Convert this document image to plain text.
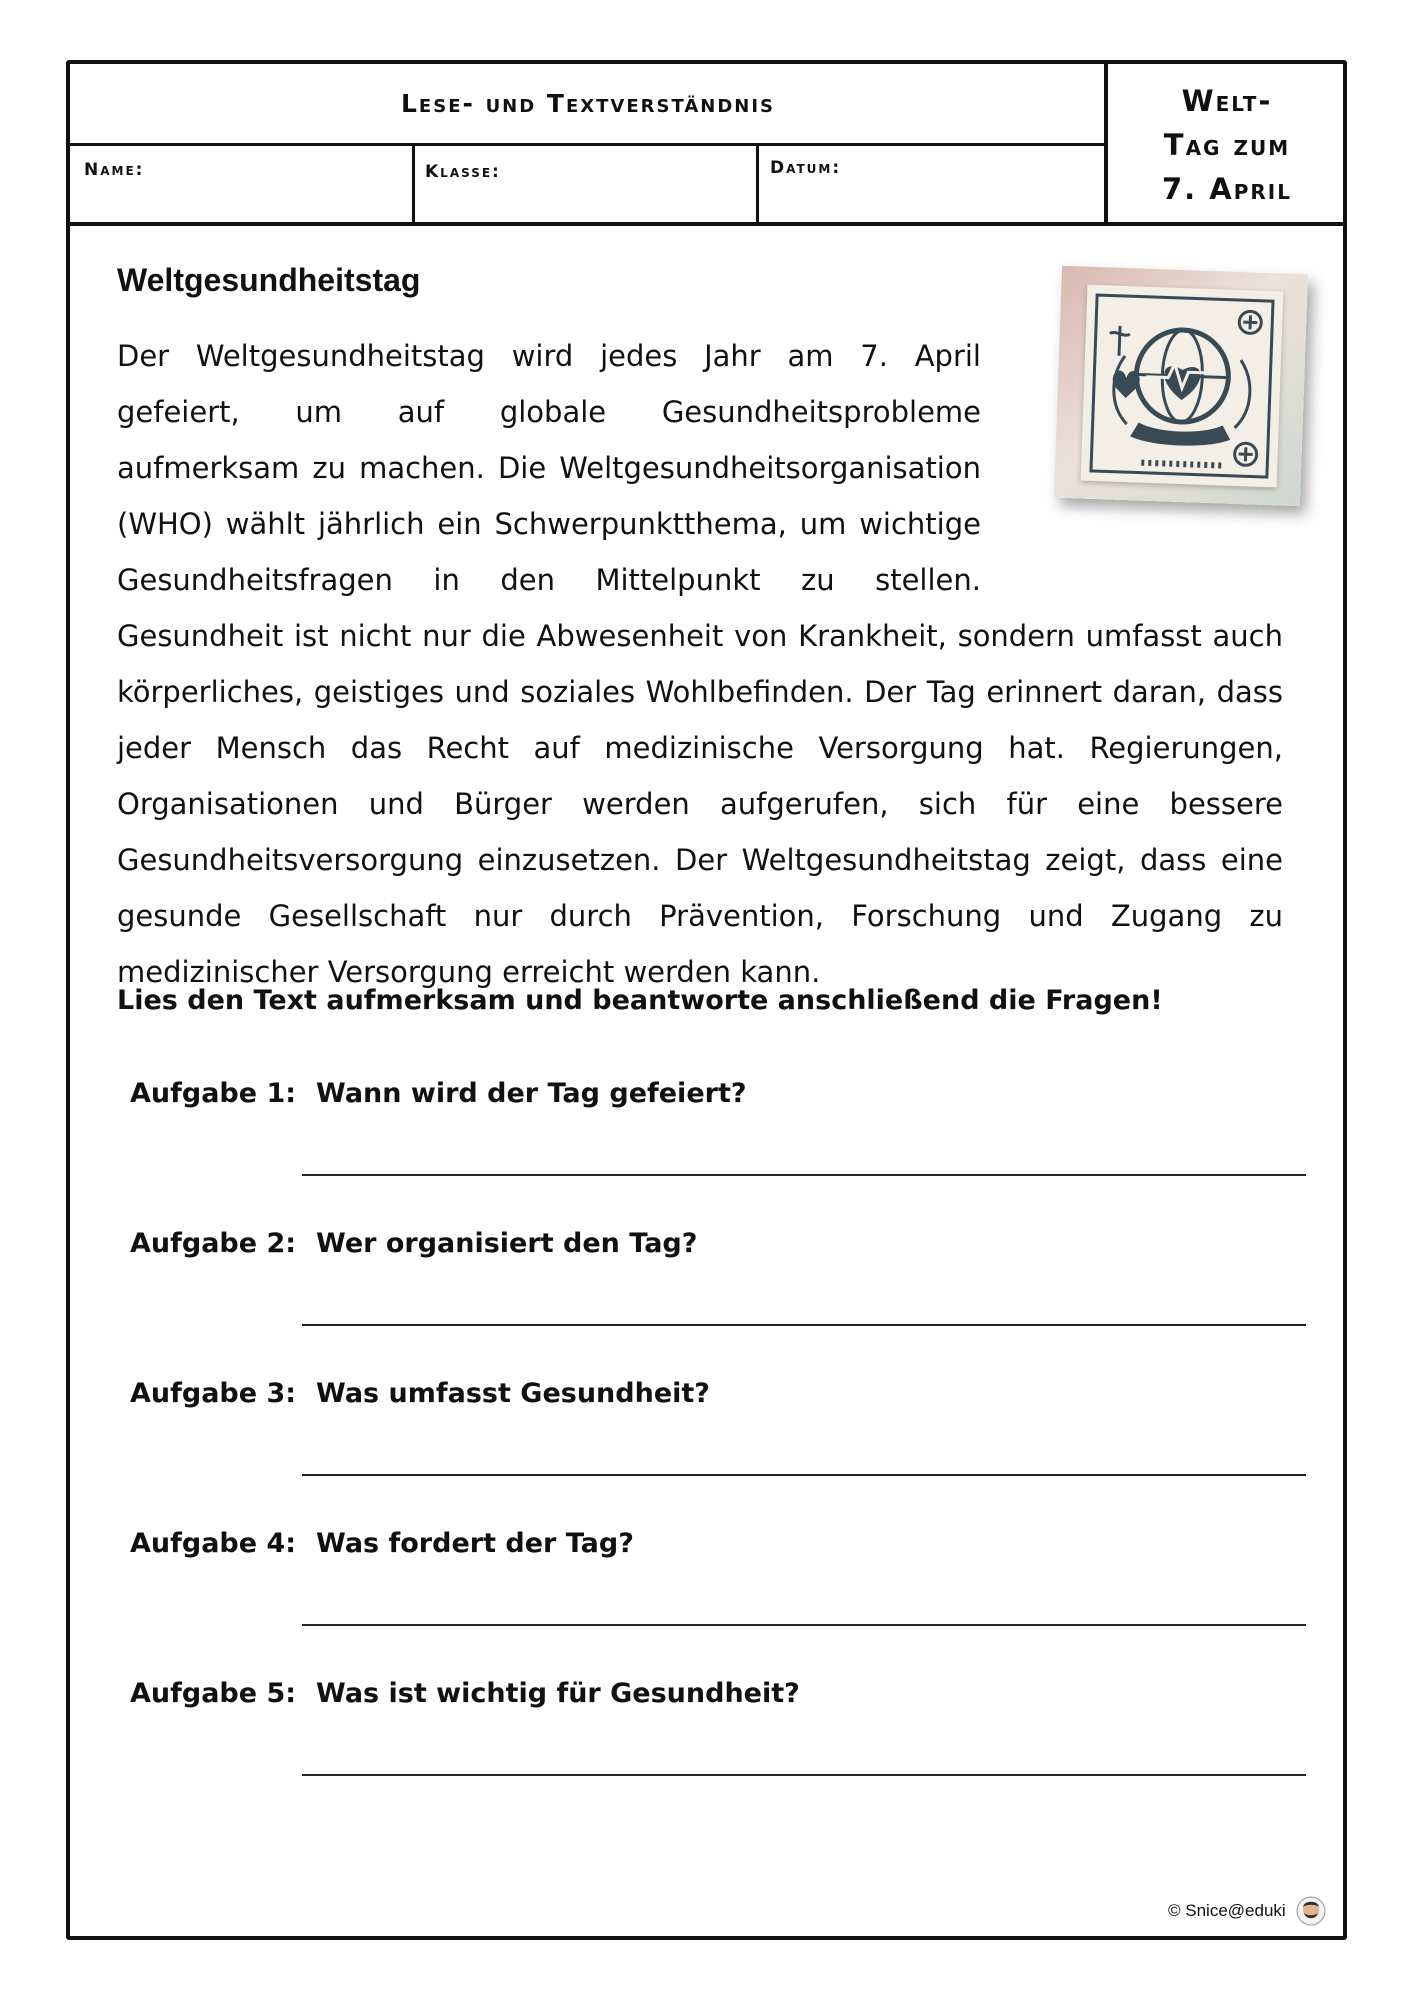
Lese- und Textverständnis
Name:	Klasse:	Datum:
Welt-
Tag zum
7. April
Weltgesundheitstag

Der Weltgesundheitstag wird jedes Jahr am 7. April gefeiert, um auf globale Gesundheitsprobleme aufmerksam zu machen. Die Weltgesundheitsorganisation (WHO) wählt jährlich ein Schwerpunktthema, um wichtige Gesundheitsfragen in den Mittelpunkt zu stellen. Gesundheit ist nicht nur die Abwesenheit von Krankheit, sondern umfasst auch körperliches, geistiges und soziales Wohlbefinden. Der Tag erinnert daran, dass jeder Mensch das Recht auf medizinische Versorgung hat. Regierungen, Organisationen und Bürger werden aufgerufen, sich für eine bessere Gesundheitsversorgung einzusetzen. Der Weltgesundheitstag zeigt, dass eine gesunde Gesellschaft nur durch Prävention, Forschung und Zugang zu medizinischer Versorgung erreicht werden kann.

Lies den Text aufmerksam und beantworte anschließend die Fragen!
Aufgabe 1: Wann wird der Tag gefeiert?
Aufgabe 2: Wer organisiert den Tag?
Aufgabe 3: Was umfasst Gesundheit?
Aufgabe 4: Was fordert der Tag?
Aufgabe 5: Was ist wichtig für Gesundheit?
© Snice@eduki
